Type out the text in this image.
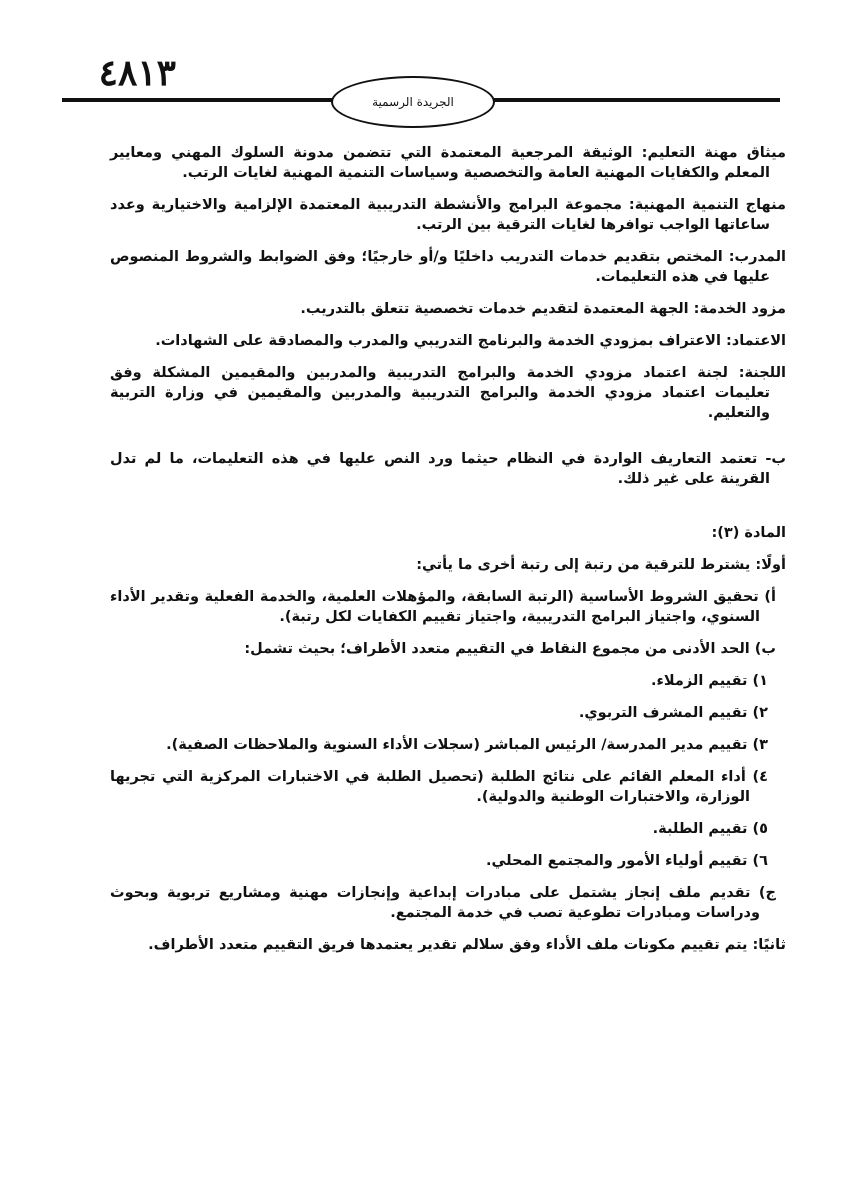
٤٨١٣
الجريدة الرسمية

ميثاق مهنة التعليم: الوثيقة المرجعية المعتمدة التي تتضمن مدونة السلوك المهني ومعايير المعلم والكفايات المهنية العامة والتخصصية وسياسات التنمية المهنية لغايات الرتب.

منهاج التنمية المهنية: مجموعة البرامج والأنشطة التدريبية المعتمدة الإلزامية والاختيارية وعدد ساعاتها الواجب توافرها لغايات الترقية بين الرتب.

المدرب: المختص بتقديم خدمات التدريب داخليًا و/أو خارجيًا؛ وفق الضوابط والشروط المنصوص عليها في هذه التعليمات.

مزود الخدمة: الجهة المعتمدة لتقديم خدمات تخصصية تتعلق بالتدريب.

الاعتماد: الاعتراف بمزودي الخدمة والبرنامج التدريبي والمدرب والمصادقة على الشهادات.

اللجنة: لجنة اعتماد مزودي الخدمة والبرامج التدريبية والمدربين والمقيمين المشكلة وفق تعليمات اعتماد مزودي الخدمة والبرامج التدريبية والمدربين والمقيمين في وزارة التربية والتعليم.

ب- تعتمد التعاريف الواردة في النظام حيثما ورد النص عليها في هذه التعليمات، ما لم تدل القرينة على غير ذلك.

المادة (٣):

أولًا: يشترط للترقية من رتبة إلى رتبة أخرى ما يأتي:

أ) تحقيق الشروط الأساسية (الرتبة السابقة، والمؤهلات العلمية، والخدمة الفعلية وتقدير الأداء السنوي، واجتياز البرامج التدريبية، واجتياز تقييم الكفايات لكل رتبة).

ب) الحد الأدنى من مجموع النقاط في التقييم متعدد الأطراف؛ بحيث تشمل:

١) تقييم الزملاء.

٢) تقييم المشرف التربوي.

٣) تقييم مدير المدرسة/ الرئيس المباشر (سجلات الأداء السنوية والملاحظات الصفية).

٤) أداء المعلم القائم على نتائج الطلبة (تحصيل الطلبة في الاختبارات المركزية التي تجريها الوزارة، والاختبارات الوطنية والدولية).

٥) تقييم الطلبة.

٦) تقييم أولياء الأمور والمجتمع المحلي.

ج) تقديم ملف إنجاز يشتمل على مبادرات إبداعية وإنجازات مهنية ومشاريع تربوية وبحوث ودراسات ومبادرات تطوعية تصب في خدمة المجتمع.

ثانيًا: يتم تقييم مكونات ملف الأداء وفق سلالم تقدير يعتمدها فريق التقييم متعدد الأطراف.
